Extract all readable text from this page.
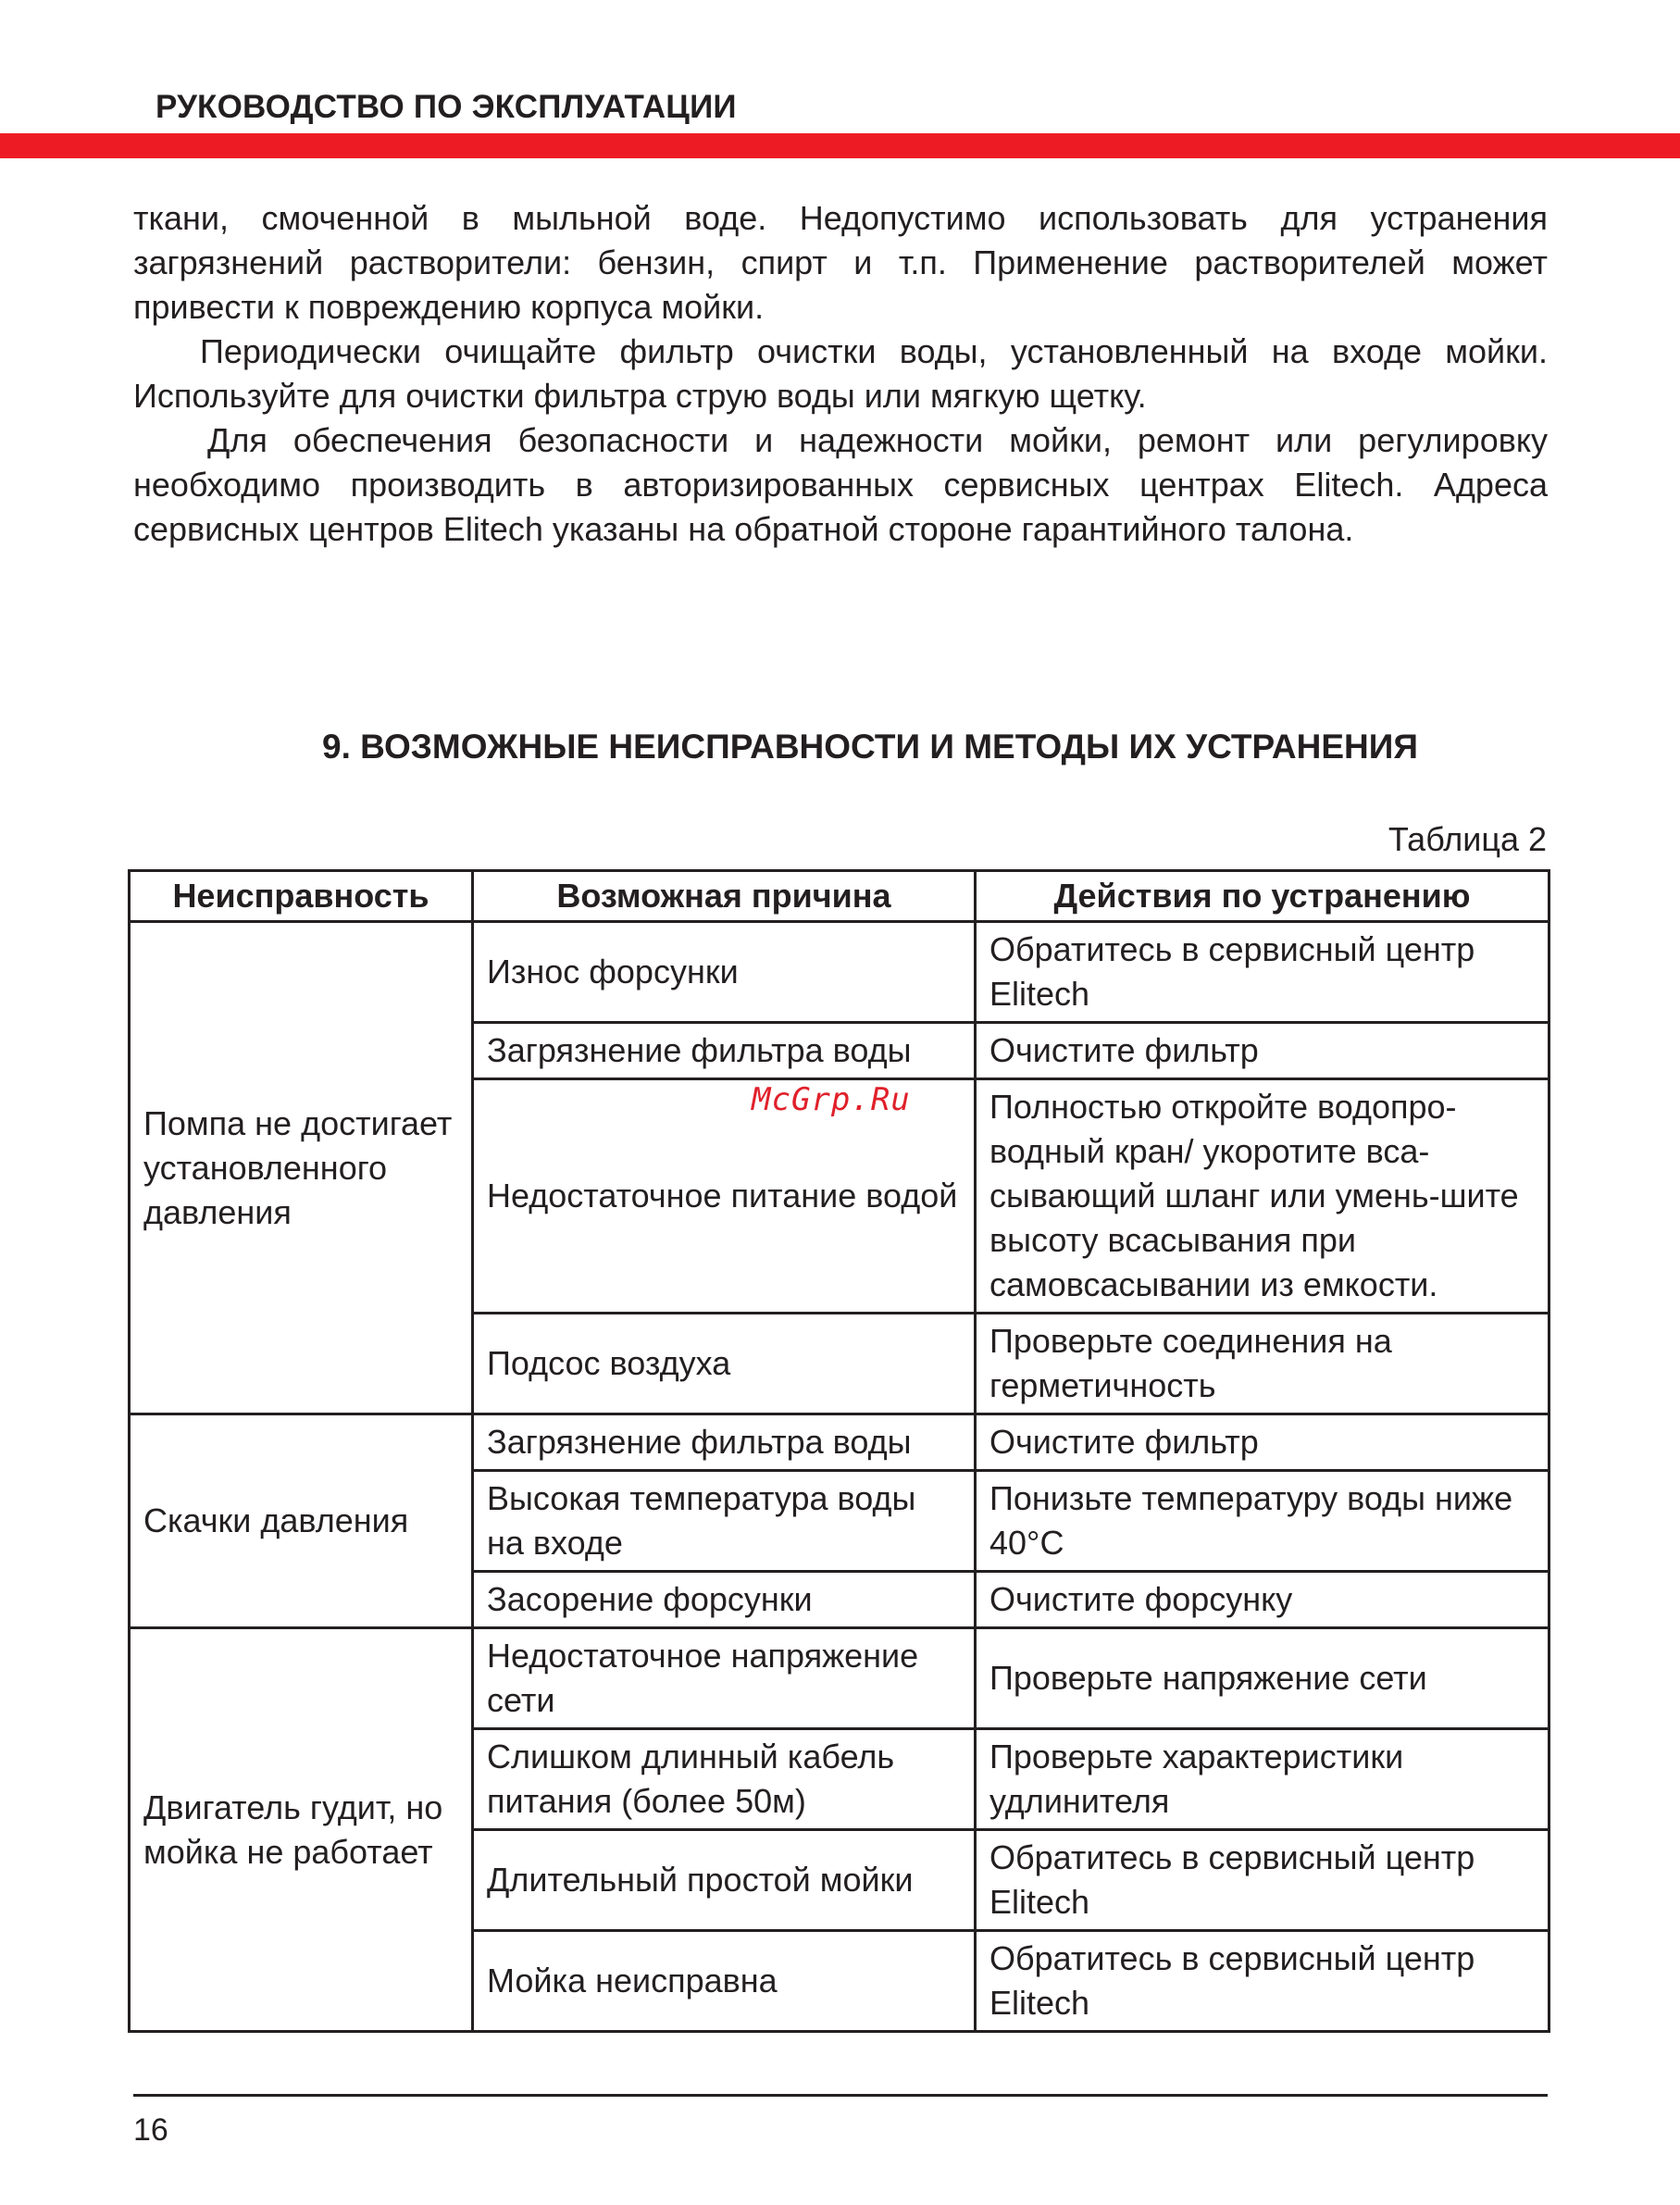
РУКОВОДСТВО ПО ЭКСПЛУАТАЦИИ

ткани, смоченной в мыльной воде. Недопустимо использовать для устранения загрязнений растворители: бензин, спирт и т.п. Применение растворителей может привести к повреждению корпуса мойки.

Периодически очищайте фильтр очистки воды, установленный на входе мойки. Используйте для очистки фильтра струю воды или мягкую щетку.

Для обеспечения безопасности и надежности мойки, ремонт или регулировку необходимо производить в авторизированных сервисных центрах Elitech. Адреса сервисных центров Elitech указаны на обратной стороне гарантийного талона.

9. ВОЗМОЖНЫЕ НЕИСПРАВНОСТИ И МЕТОДЫ ИХ УСТРАНЕНИЯ
Таблица 2
Неисправность	Возможная причина	Действия по устранению
Помпа не достигает установленного давления	Износ форсунки	Обратитесь в сервисный центр Elitech
	Загрязнение фильтра воды	Очистите фильтр
	Недостаточное питание водой	Полностью откройте водопро-водный кран/ укоротите вса-сывающий шланг или умень-шите высоту всасывания при самовсасывании из емкости.
	Подсос воздуха	Проверьте соединения на герметичность
Скачки давления	Загрязнение фильтра воды	Очистите фильтр
	Высокая температура воды на входе	Понизьте температуру воды ниже 40°С
	Засорение форсунки	Очистите форсунку
Двигатель гудит, но мойка не работает	Недостаточное напряжение сети	Проверьте напряжение сети
	Слишком длинный кабель питания (более 50м)	Проверьте характеристики удлинителя
	Длительный простой мойки	Обратитесь в сервисный центр Elitech
	Мойка неисправна	Обратитесь в сервисный центр Elitech
McGrp.Ru
16
